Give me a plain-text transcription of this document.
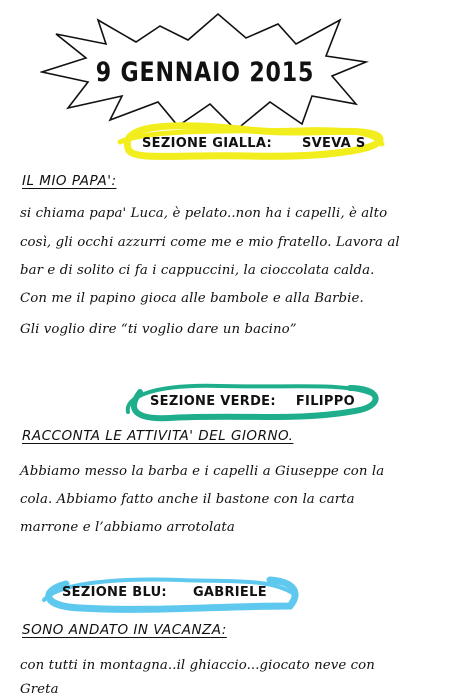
9 GENNAIO 2015
SEZIONE GIALLA: SVEVA S
IL MIO PAPA':
si chiama papa' Luca, è pelato..non ha i capelli, è alto
così, gli occhi azzurri come me e mio fratello. Lavora al
bar e di solito ci fa i cappuccini, la cioccolata calda.
Con me il papino gioca alle bambole e alla Barbie.
Gli voglio dire “ti voglio dare un bacino”
SEZIONE VERDE: FILIPPO
RACCONTA LE ATTIVITA' DEL GIORNO.
Abbiamo messo la barba e i capelli a Giuseppe con la
cola. Abbiamo fatto anche il bastone con la carta
marrone e l’abbiamo arrotolata
SEZIONE BLU: GABRIELE
SONO ANDATO IN VACANZA:
con tutti in montagna..il ghiaccio...giocato neve con
Greta
